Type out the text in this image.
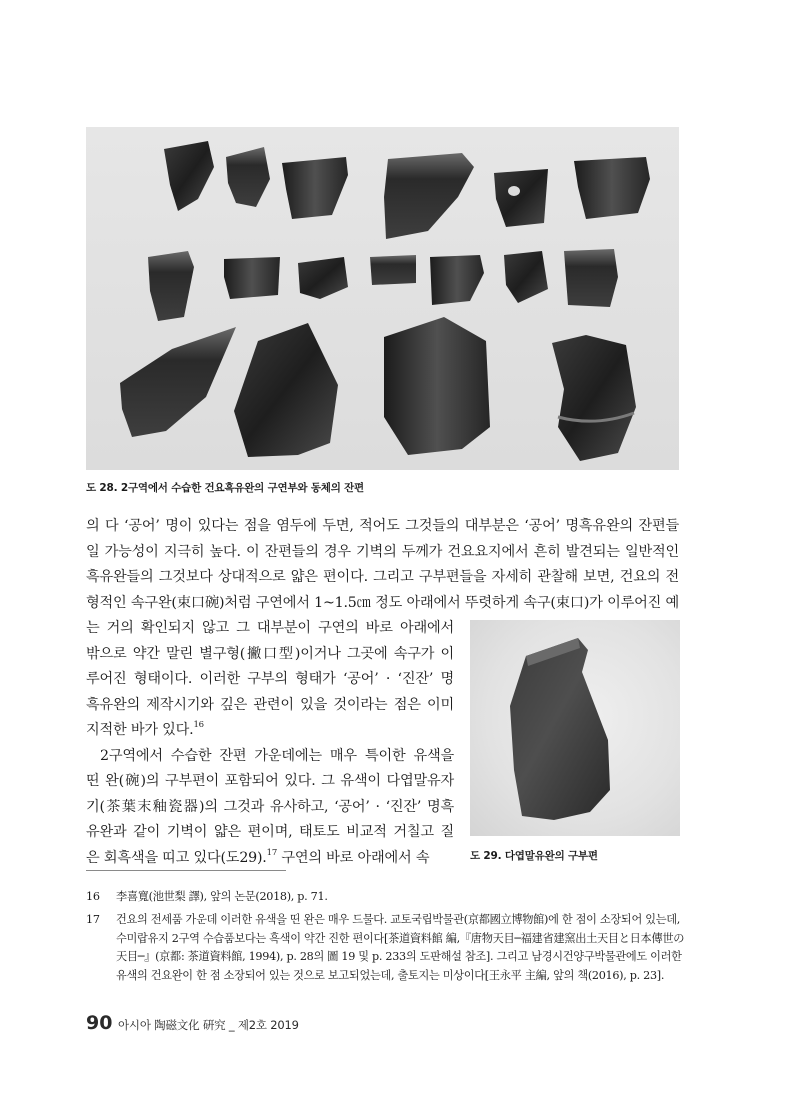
도 28. 2구역에서 수습한 건요흑유완의 구연부와 동체의 잔편
의 다 ‘공어’ 명이 있다는 점을 염두에 두면, 적어도 그것들의 대부분은 ‘공어’ 명흑유완의 잔편들
일 가능성이 지극히 높다. 이 잔편들의 경우 기벽의 두께가 건요요지에서 흔히 발견되는 일반적인
흑유완들의 그것보다 상대적으로 얇은 편이다. 그리고 구부편들을 자세히 관찰해 보면, 건요의 전
형적인 속구완(束口碗)처럼 구연에서 1~1.5㎝ 정도 아래에서 뚜렷하게 속구(束口)가 이루어진 예
는 거의 확인되지 않고 그 대부분이 구연의 바로 아래에서
밖으로 약간 말린 별구형(撇口型)이거나 그곳에 속구가 이
루어진 형태이다. 이러한 구부의 형태가 ‘공어’ · ‘진잔’ 명
흑유완의 제작시기와 깊은 관련이 있을 것이라는 점은 이미
지적한 바가 있다.$^{16}$
2구역에서 수습한 잔편 가운데에는 매우 특이한 유색을
띤 완(碗)의 구부편이 포함되어 있다. 그 유색이 다엽말유자
기(茶葉末釉瓷器)의 그것과 유사하고, ‘공어’ · ‘진잔’ 명흑
유완과 같이 기벽이 얇은 편이며, 태토도 비교적 거칠고 질
은 회흑색을 띠고 있다(도29).$^{17}$ 구연의 바로 아래에서 속	도 29. 다엽말유완의 구부편
16	李喜寬(池世梨 譯), 앞의 논문(2018), p. 71.
17	건요의 전세품 가운데 이러한 유색을 띤 완은 매우 드물다. 교토국립박물관(京都國立博物館)에 한 점이 소장되어 있는데,
수미랍유지 2구역 수습품보다는 흑색이 약간 진한 편이다[茶道資料館 編,『唐物天目─福建省建窯出土天目と日本傳世の
天目─』(京都: 茶道資料館, 1994), p. 28의 圖 19 및 p. 233의 도판해설 참조]. 그리고 남경시건양구박물관에도 이러한
유색의 건요완이 한 점 소장되어 있는 것으로 보고되었는데, 출토지는 미상이다[王永平 主編, 앞의 책(2016), p. 23].
90 아시아 陶磁文化 硏究 _ 제2호 2019
